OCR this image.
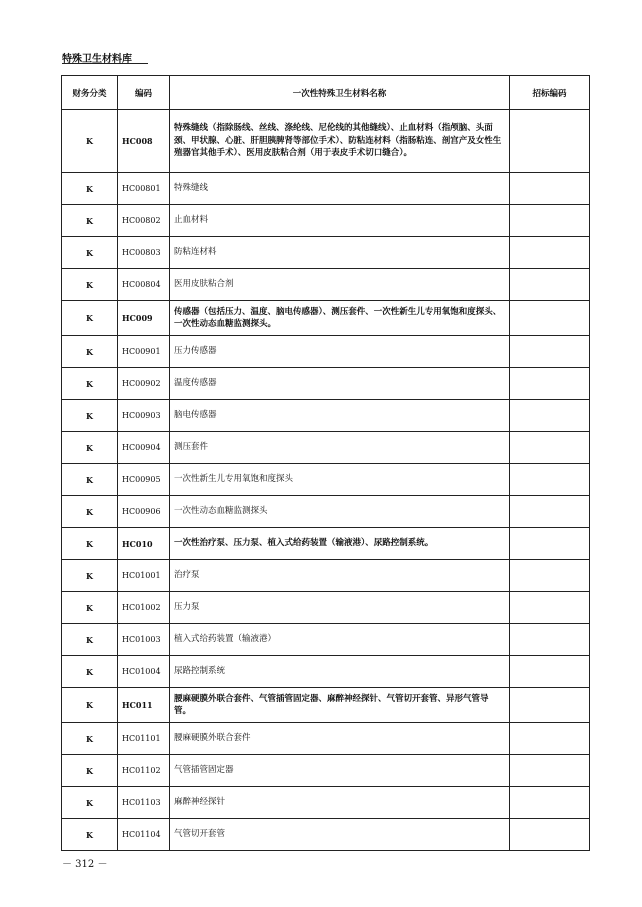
特殊卫生材料库
财务分类	编码	一次性特殊卫生材料名称	招标编码
K	HC008	特殊缝线（指除肠线、丝线、涤纶线、尼伦线的其他缝线）、止血材料（指颅脑、头面颈、甲状腺、心脏、肝胆胰脾肾等部位手术）、防粘连材料（指肠粘连、剖宫产及女性生殖器官其他手术）、医用皮肤粘合剂（用于表皮手术切口缝合）。	
K	HC00801	特殊缝线	
K	HC00802	止血材料	
K	HC00803	防粘连材料	
K	HC00804	医用皮肤粘合剂	
K	HC009	传感器（包括压力、温度、脑电传感器）、测压套件、一次性新生儿专用氧饱和度探头、一次性动态血糖监测探头。	
K	HC00901	压力传感器	
K	HC00902	温度传感器	
K	HC00903	脑电传感器	
K	HC00904	测压套件	
K	HC00905	一次性新生儿专用氧饱和度探头	
K	HC00906	一次性动态血糖监测探头	
K	HC010	一次性治疗泵、压力泵、植入式给药装置（输液港）、尿路控制系统。	
K	HC01001	治疗泵	
K	HC01002	压力泵	
K	HC01003	植入式给药装置（输液港）	
K	HC01004	尿路控制系统	
K	HC011	腰麻硬膜外联合套件、气管插管固定器、麻醉神经探针、气管切开套管、异形气管导管。	
K	HC01101	腰麻硬膜外联合套件	
K	HC01102	气管插管固定器	
K	HC01103	麻醉神经探针	
K	HC01104	气管切开套管	
－ 312 －
